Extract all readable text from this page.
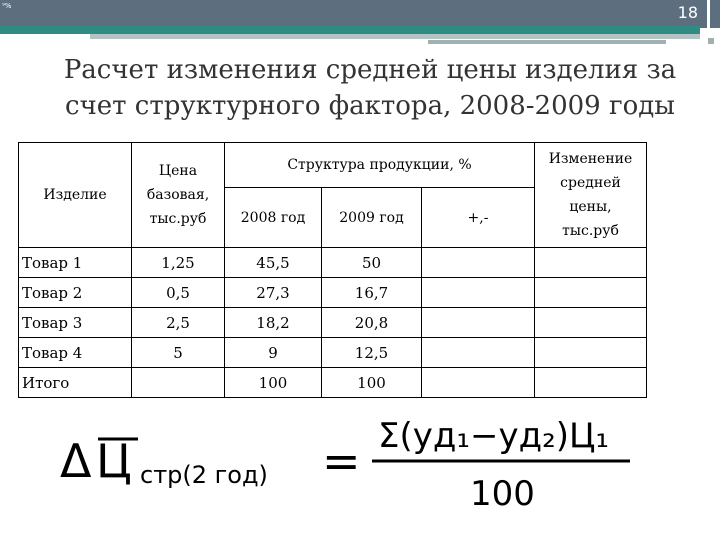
⁹%	18
Расчет изменения средней цены изделия за
счет структурного фактора, 2008-2009 годы
Изделие	Цена базовая, тыс.руб	Структура продукции, %			Изменение средней цены, тыс.руб

		2008 год	2009 год	+,-	
Товар 1	1,25	45,5	50		
Товар 2	0,5	27,3	16,7		
Товар 3	2,5	18,2	20,8		
Товар 4	5	9	12,5		
Итого		100	100		
Δ Ц стр(2 год) = Σ(уд₁−уд₂)Ц₁
100
